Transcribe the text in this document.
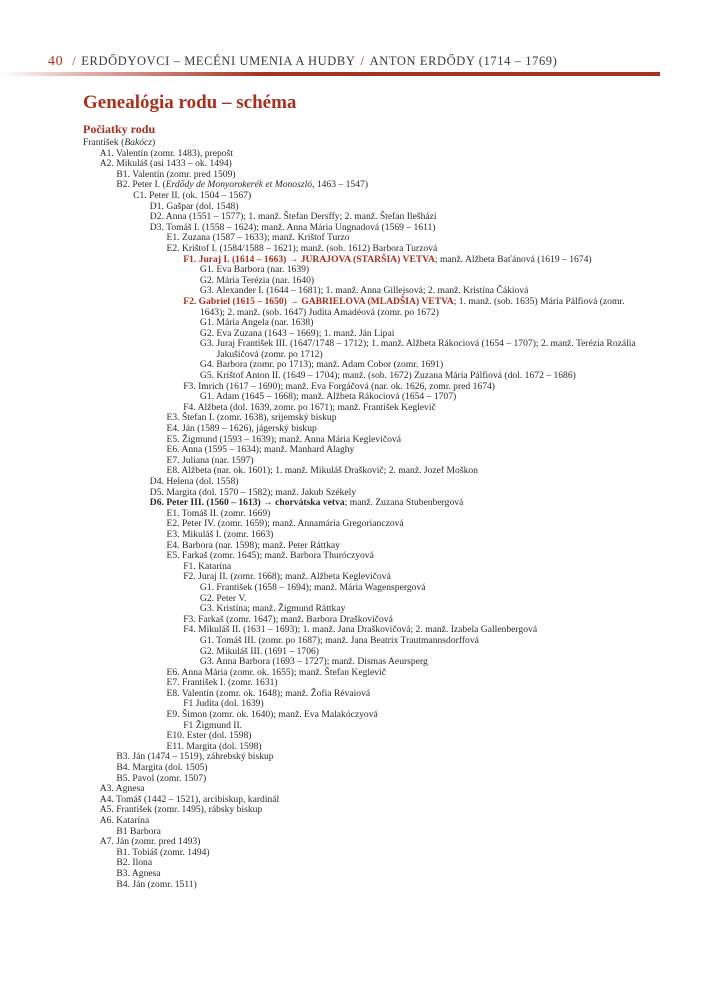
40 / ERDŐDYOVCI – MECÉNI UMENIA A HUDBY / ANTON ERDŐDY (1714 – 1769)
Genealógia rodu – schéma
Počiatky rodu
František (Bakócz)
A1. Valentín (zomr. 1483), prepošt
A2. Mikuláš (asi 1433 – ok. 1494)
B1. Valentín (zomr. pred 1509)
B2. Peter I. (Erdődy de Monyorokerék et Monoszló, 1463 – 1547)
C1. Peter II. (ok. 1504 – 1567)
D1. Gašpar (dol. 1548)
D2. Anna (1551 – 1577); 1. manž. Štefan Dersffy; 2. manž. Štefan Ilešházi
D3. Tomáš I. (1558 – 1624); manž. Anna Mária Ungnadová (1569 – 1611)
E1. Zuzana (1587 – 1633); manž. Krištof Turzo
E2. Krištof I. (1584/1588 – 1621); manž. (sob. 1612) Barbora Turzová
F1. Juraj I. (1614 – 1663) → JURAJOVA (STARŠIA) VETVA; manž. Alžbeta Baťánová (1619 – 1674)
G1. Eva Barbora (nar. 1639)
G2. Mária Terézia (nar. 1640)
G3. Alexander I. (1644 – 1681); 1. manž. Anna Gillejsová; 2. manž. Kristína Čákiová
F2. Gabriel (1615 – 1650) → GABRIELOVA (MLADŠIA) VETVA; 1. manž. (sob. 1635) Mária Pálfiová (zomr. 1643); 2. manž. (sob. 1647) Judita Amadéová (zomr. po 1672)
G1. Mária Angela (nar. 1638)
G2. Eva Zuzana (1643 – 1669); 1. manž. Ján Lipai
G3. Juraj František III. (1647/1748 – 1712); 1. manž. Alžbeta Rákociová (1654 – 1707); 2. manž. Terézia Rozália Jakušičová (zomr. po 1712)
G4. Barbora (zomr. po 1713); manž. Adam Cobor (zomr. 1691)
G5. Krištof Anton II. (1649 – 1704); manž. (sob. 1672) Zuzana Mária Pálfiová (dol. 1672 – 1686)
F3. Imrich (1617 – 1690); manž. Eva Forgáčová (nar. ok. 1626, zomr. pred 1674)
G1. Adam (1645 – 1668); manž. Alžbeta Rákociová (1654 – 1707)
F4. Alžbeta (dol. 1639, zomr. po 1671); manž. František Keglevič
E3. Štefan I. (zomr. 1638), srijemský biskup
E4. Ján (1589 – 1626), jágerský biskup
E5. Žigmund (1593 – 1639); manž. Anna Mária Keglevičová
E6. Anna (1595 – 1634); manž. Manhard Alaghy
E7. Juliana (nar. 1597)
E8. Alžbeta (nar. ok. 1601); 1. manž. Mikuláš Draškovič; 2. manž. Jozef Moškon
D4. Helena (dol. 1558)
D5. Margita (dol. 1570 – 1582); manž. Jakub Székely
D6. Peter III. (1560 – 1613) → chorvátska vetva; manž. Zuzana Stubenbergová
E1. Tomáš II. (zomr. 1669)
E2. Peter IV. (zomr. 1659); manž. Annamária Gregorianczová
E3. Mikuláš I. (zomr. 1663)
E4. Barbora (nar. 1598); manž. Peter Ráttkay
E5. Farkaš (zomr. 1645); manž. Barbora Thuróczyová
F1. Katarína
F2. Juraj II. (zomr. 1668); manž. Alžbeta Keglevičová
G1. František (1658 – 1694); manž. Mária Wagenspergová
G2. Peter V.
G3. Kristína; manž. Žigmund Ráttkay
F3. Farkaš (zomr. 1647); manž. Barbora Draškovičová
F4. Mikuláš II. (1631 – 1693); 1. manž. Jana Draškovičová; 2. manž. Izabela Gallenbergová
G1. Tomáš III. (zomr. po 1687); manž. Jana Beatrix Trautmannsdorffová
G2. Mikuláš III. (1691 – 1706)
G3. Anna Barbora (1693 – 1727); manž. Dismas Aeursperg
E6. Anna Mária (zomr. ok. 1655); manž. Štefan Keglevič
E7. František I. (zomr. 1631)
E8. Valentín (zomr. ok. 1648); manž. Žofia Révaiová
F1 Judita (dol. 1639)
E9. Šimon (zomr. ok. 1640); manž. Eva Malakóczyová
F1 Žigmund II.
E10. Ester (dol. 1598)
E11. Margita (dol. 1598)
B3. Ján (1474 – 1519), záhrebský biskup
B4. Margita (dol. 1505)
B5. Pavol (zomr. 1507)
A3. Agnesa
A4. Tomáš (1442 – 1521), arcibiskup, kardinál
A5. František (zomr. 1495), rábsky biskup
A6. Katarína
B1 Barbora
A7. Ján (zomr. pred 1493)
B1. Tobiáš (zomr. 1494)
B2. Ilona
B3. Agnesa
B4. Ján (zomr. 1511)
